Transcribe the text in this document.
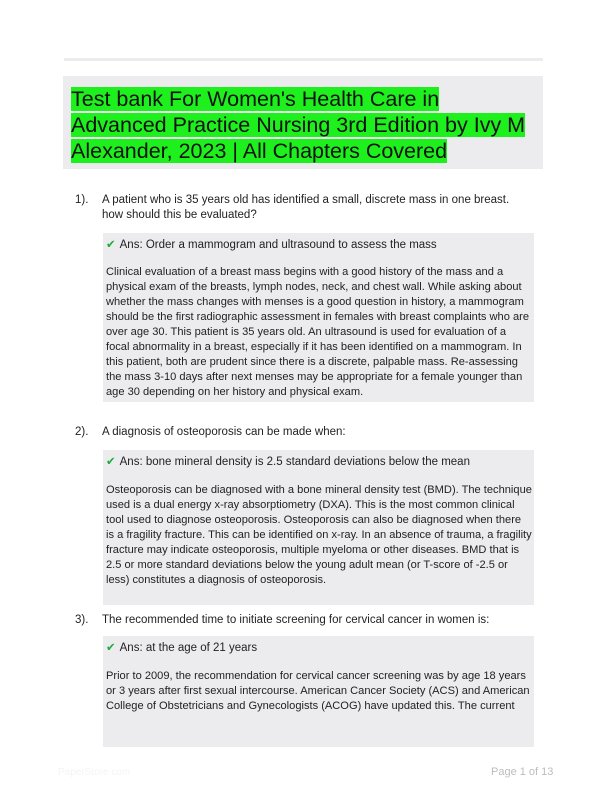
Test bank For Women's Health Care in Advanced Practice Nursing 3rd Edition by Ivy M Alexander, 2023 | All Chapters Covered
1). A patient who is 35 years old has identified a small, discrete mass in one breast. how should this be evaluated?
✔ Ans: Order a mammogram and ultrasound to assess the mass
Clinical evaluation of a breast mass begins with a good history of the mass and a physical exam of the breasts, lymph nodes, neck, and chest wall. While asking about whether the mass changes with menses is a good question in history, a mammogram should be the first radiographic assessment in females with breast complaints who are over age 30. This patient is 35 years old. An ultrasound is used for evaluation of a focal abnormality in a breast, especially if it has been identified on a mammogram. In this patient, both are prudent since there is a discrete, palpable mass. Re-assessing the mass 3-10 days after next menses may be appropriate for a female younger than age 30 depending on her history and physical exam.
2). A diagnosis of osteoporosis can be made when:
✔ Ans: bone mineral density is 2.5 standard deviations below the mean
Osteoporosis can be diagnosed with a bone mineral density test (BMD). The technique used is a dual energy x-ray absorptiometry (DXA). This is the most common clinical tool used to diagnose osteoporosis. Osteoporosis can also be diagnosed when there is a fragility fracture. This can be identified on x-ray. In an absence of trauma, a fragility fracture may indicate osteoporosis, multiple myeloma or other diseases. BMD that is 2.5 or more standard deviations below the young adult mean (or T-score of -2.5 or less) constitutes a diagnosis of osteoporosis.
3). The recommended time to initiate screening for cervical cancer in women is:
✔ Ans: at the age of 21 years
Prior to 2009, the recommendation for cervical cancer screening was by age 18 years or 3 years after first sexual intercourse. American Cancer Society (ACS) and American College of Obstetricians and Gynecologists (ACOG) have updated this. The current
PaperStore.com	Page 1 of 13
